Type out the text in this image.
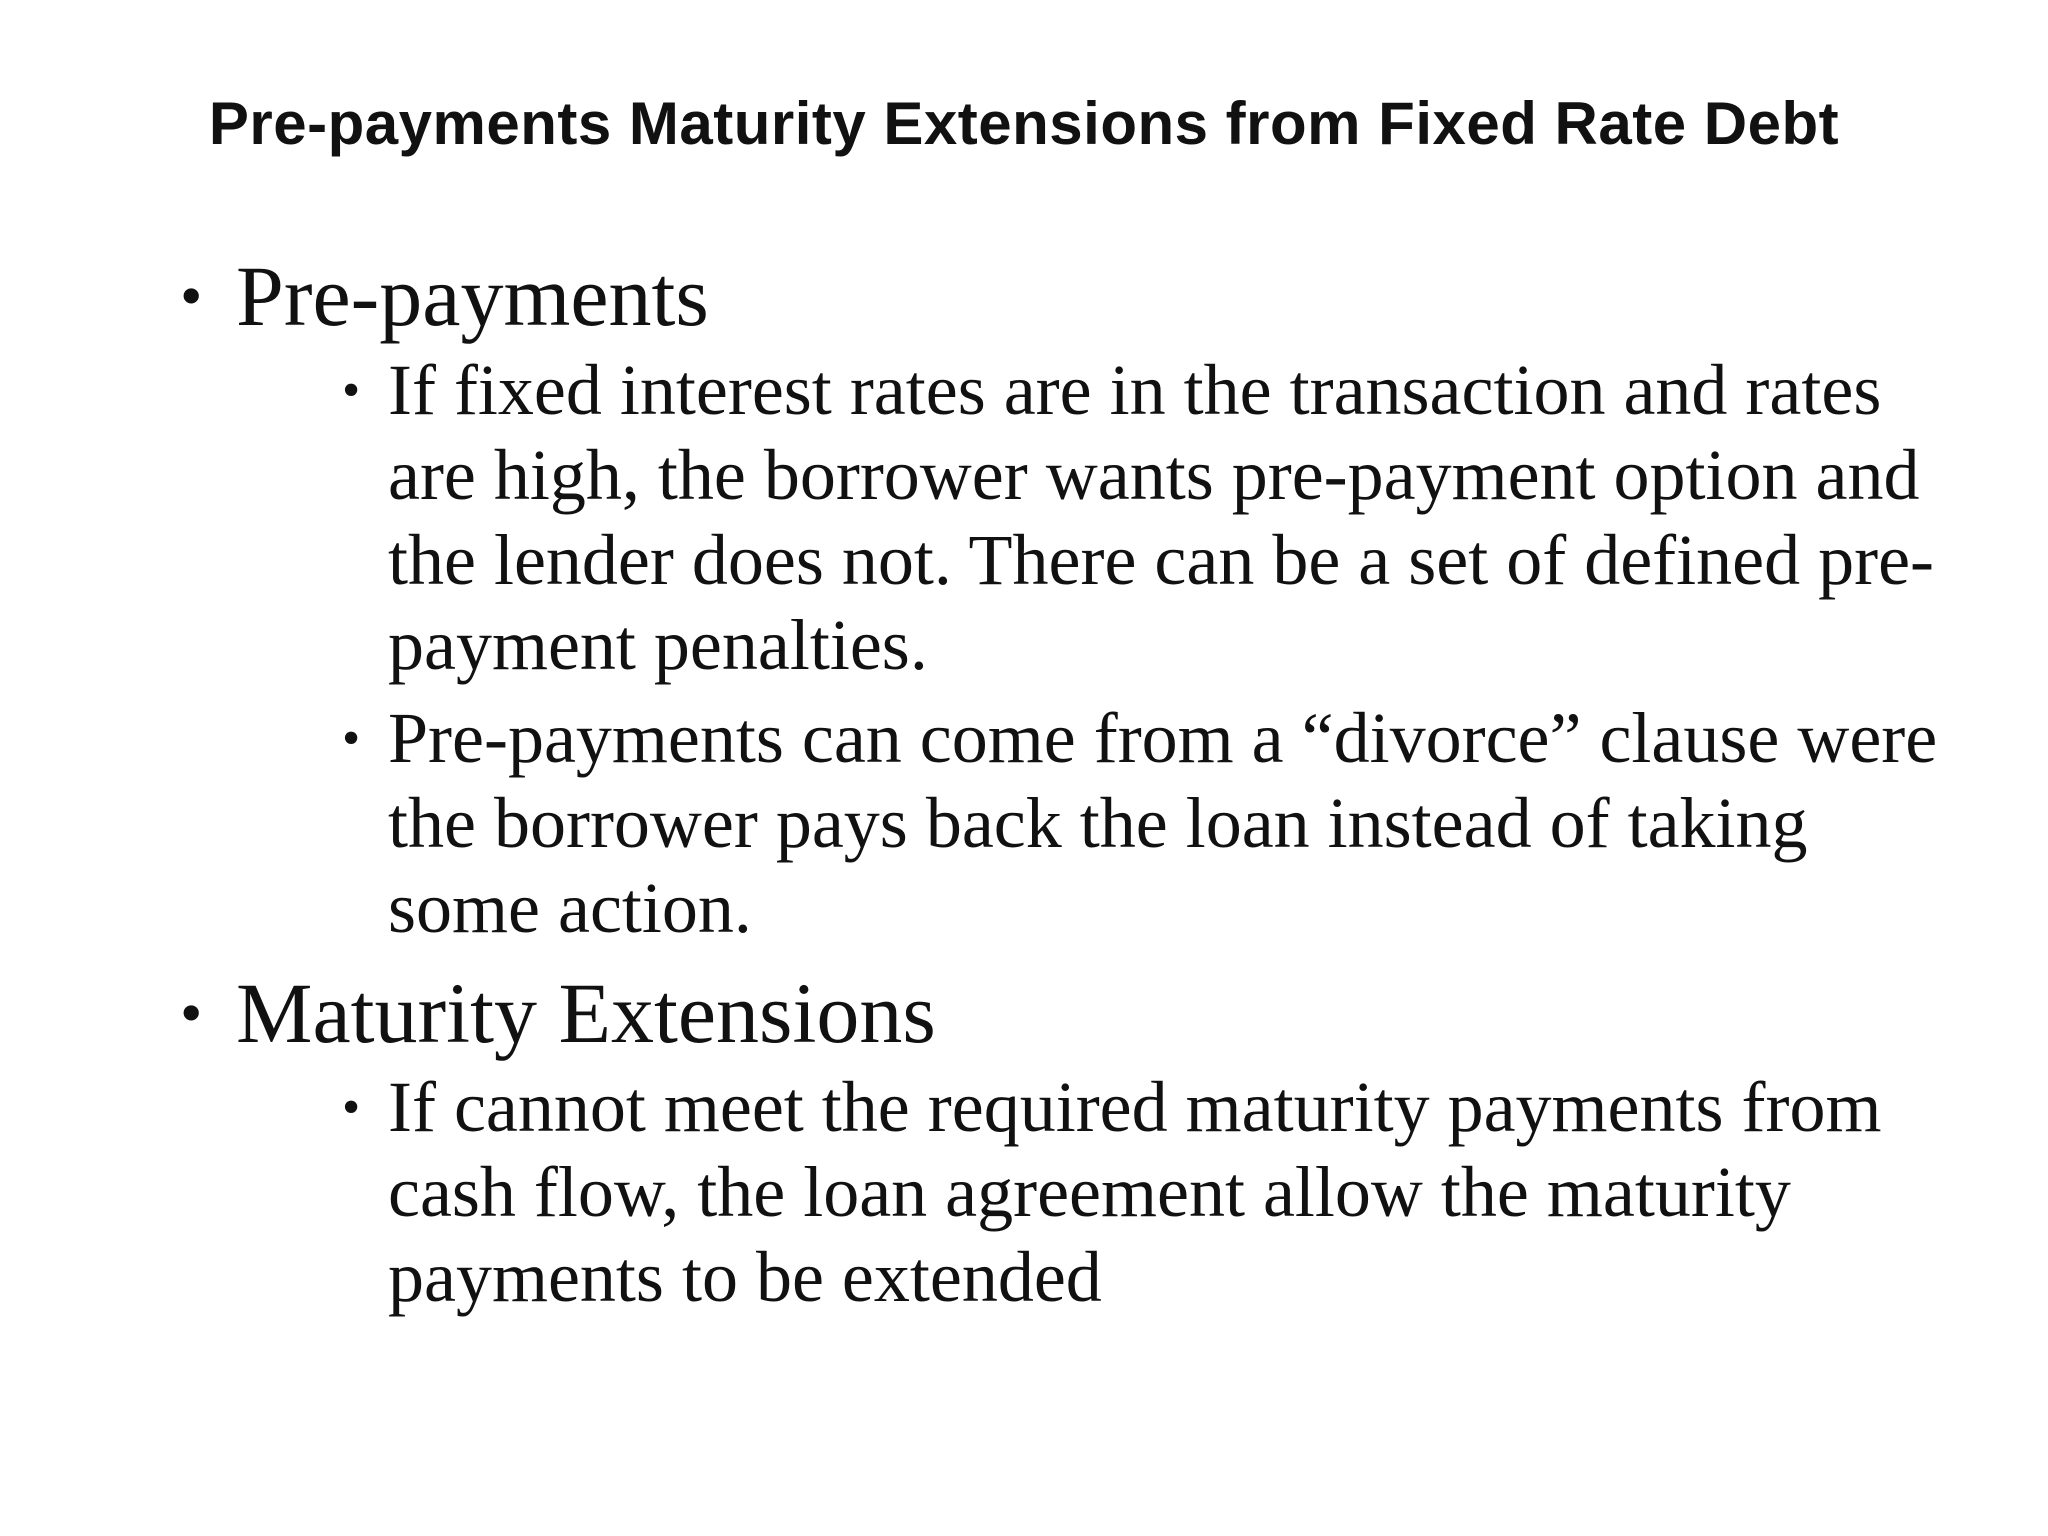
Pre-payments Maturity Extensions from Fixed Rate Debt
• Pre-payments
• If fixed interest rates are in the transaction and rates are high, the borrower wants pre-payment option and the lender does not. There can be a set of defined pre-payment penalties.
• Pre-payments can come from a “divorce” clause were the borrower pays back the loan instead of taking some action.
• Maturity Extensions
• If cannot meet the required maturity payments from cash flow, the loan agreement allow the maturity payments to be extended
